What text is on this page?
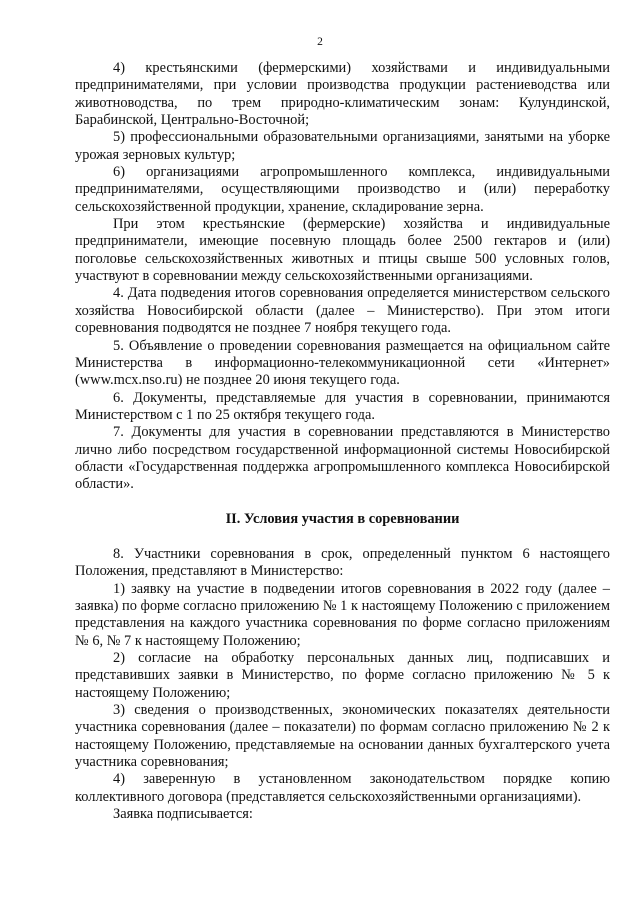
2

4) крестьянскими (фермерскими) хозяйствами и индивидуальными предпринимателями, при условии производства продукции растениеводства или животноводства, по трем природно-климатическим зонам: Кулундинской, Барабинской, Центрально-Восточной;

5) профессиональными образовательными организациями, занятыми на уборке урожая зерновых культур;

6) организациями агропромышленного комплекса, индивидуальными предпринимателями, осуществляющими производство и (или) переработку сельскохозяйственной продукции, хранение, складирование зерна.

При этом крестьянские (фермерские) хозяйства и индивидуальные предприниматели, имеющие посевную площадь более 2500 гектаров и (или) поголовье сельскохозяйственных животных и птицы свыше 500 условных голов, участвуют в соревновании между сельскохозяйственными организациями.

4. Дата подведения итогов соревнования определяется министерством сельского хозяйства Новосибирской области (далее – Министерство). При этом итоги соревнования подводятся не позднее 7 ноября текущего года.

5. Объявление о проведении соревнования размещается на официальном сайте Министерства в информационно-телекоммуникационной сети «Интернет» (www.mcx.nso.ru) не позднее 20 июня текущего года.

6. Документы, представляемые для участия в соревновании, принимаются Министерством с 1 по 25 октября текущего года.

7. Документы для участия в соревновании представляются в Министерство лично либо посредством государственной информационной системы Новосибирской области «Государственная поддержка агропромышленного комплекса Новосибирской области».

II. Условия участия в соревновании

8. Участники соревнования в срок, определенный пунктом 6 настоящего Положения, представляют в Министерство:

1) заявку на участие в подведении итогов соревнования в 2022 году (далее – заявка) по форме согласно приложению № 1 к настоящему Положению с приложением представления на каждого участника соревнования по форме согласно приложениям № 6, № 7 к настоящему Положению;

2) согласие на обработку персональных данных лиц, подписавших и представивших заявки в Министерство, по форме согласно приложению № 5 к настоящему Положению;

3) сведения о производственных, экономических показателях деятельности участника соревнования (далее – показатели) по формам согласно приложению № 2 к настоящему Положению, представляемые на основании данных бухгалтерского учета участника соревнования;

4) заверенную в установленном законодательством порядке копию коллективного договора (представляется сельскохозяйственными организациями).

Заявка подписывается:
